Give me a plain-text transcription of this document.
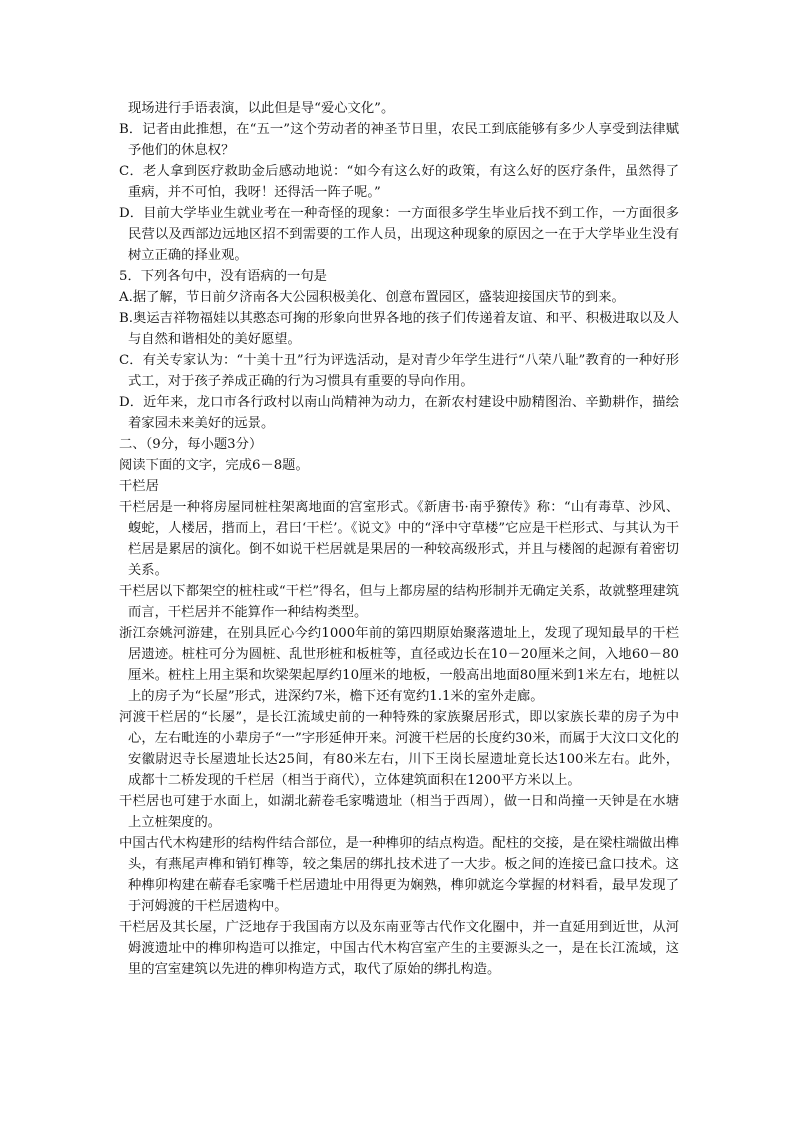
现场进行手语表演，以此但是导“爱心文化”。

B．记者由此推想，在“五一”这个劳动者的神圣节日里，农民工到底能够有多少人享受到法律赋予他们的休息权？

C．老人拿到医疗救助金后感动地说：“如今有这么好的政策，有这么好的医疗条件，虽然得了重病，并不可怕，我呀！还得活一阵子呢。”

D．目前大学毕业生就业考在一种奇怪的现象：一方面很多学生毕业后找不到工作，一方面很多民营以及西部边远地区招不到需要的工作人员，出现这种现象的原因之一在于大学毕业生没有树立正确的择业观。

5．下列各句中，没有语病的一句是

A.据了解，节日前夕济南各大公园积极美化、创意布置园区，盛装迎接国庆节的到来。

B.奥运吉祥物福娃以其憨态可掬的形象向世界各地的孩子们传递着友谊、和平、积极进取以及人与自然和谐相处的美好愿望。

C．有关专家认为：“十美十丑”行为评选活动，是对青少年学生进行“八荣八耻”教育的一种好形式工，对于孩子养成正确的行为习惯具有重要的导向作用。

D．近年来，龙口市各行政村以南山尚精神为动力，在新农村建设中励精图治、辛勤耕作，描绘着家园未来美好的远景。

二、（9分，每小题3分）

阅读下面的文字，完成6－8题。

干栏居

干栏居是一种将房屋同桩柱架离地面的宫室形式。《新唐书·南乎獠传》称：“山有毒草、沙风、蝮蛇，人楼居，揩而上，君曰‘干栏’。《说文》中的“泽中守草楼”它应是干栏形式、与其认为干栏居是累居的演化。倒不如说干栏居就是果居的一种较高级形式，并且与楼阁的起源有着密切关系。

干栏居以下都架空的桩柱或“干栏”得名，但与上都房屋的结构形制并无确定关系，故就整理建筑而言，干栏居并不能算作一种结构类型。

浙江奈姚河游建，在别具匠心今约1000年前的第四期原始聚落遗址上，发现了现知最早的干栏居遗迹。桩柱可分为圆桩、乱世形桩和板桩等，直径或边长在10－20厘米之间，入地60－80厘米。桩柱上用主渠和坎梁架起厚约10厘米的地板，一般高出地面80厘米到1米左右，地桩以上的房子为“长屋”形式，进深约7米，檐下还有宽约1.1米的室外走廊。

河渡干栏居的“长屡”，是长江流域史前的一种特殊的家族聚居形式，即以家族长辈的房子为中心，左右毗连的小辈房子“一”字形延伸开来。河渡干栏居的长度约30米，而属于大汶口文化的安徽尉迟寺长屋遗址长达25间，有80米左右，川下王岗长屋遗址竟长达100米左右。此外，成都十二桥发现的千栏居（相当于商代），立体建筑面积在1200平方米以上。

干栏居也可建于水面上，如湖北薪卷毛家嘴遗址（相当于西周），做一日和尚撞一天钟是在水塘上立桩架度的。

中国古代木构建形的结构件结合部位，是一种榫卯的结点构造。配柱的交接，是在梁柱端做出榫头，有燕尾声榫和销钉榫等，较之集居的绑扎技术进了一大步。板之间的连接已盒口技术。这种榫卯构建在蕲春毛家嘴千栏居遗址中用得更为娴熟，榫卯就迄今掌握的材料看，最早发现了于河姆渡的干栏居遗构中。

干栏居及其长屋，广泛地存于我国南方以及东南亚等古代作文化圈中，并一直延用到近世，从河姆渡遗址中的榫卯构造可以推定，中国古代木构宫室产生的主要源头之一，是在长江流域，这里的宫室建筑以先进的榫卯构造方式，取代了原始的绑扎构造。
